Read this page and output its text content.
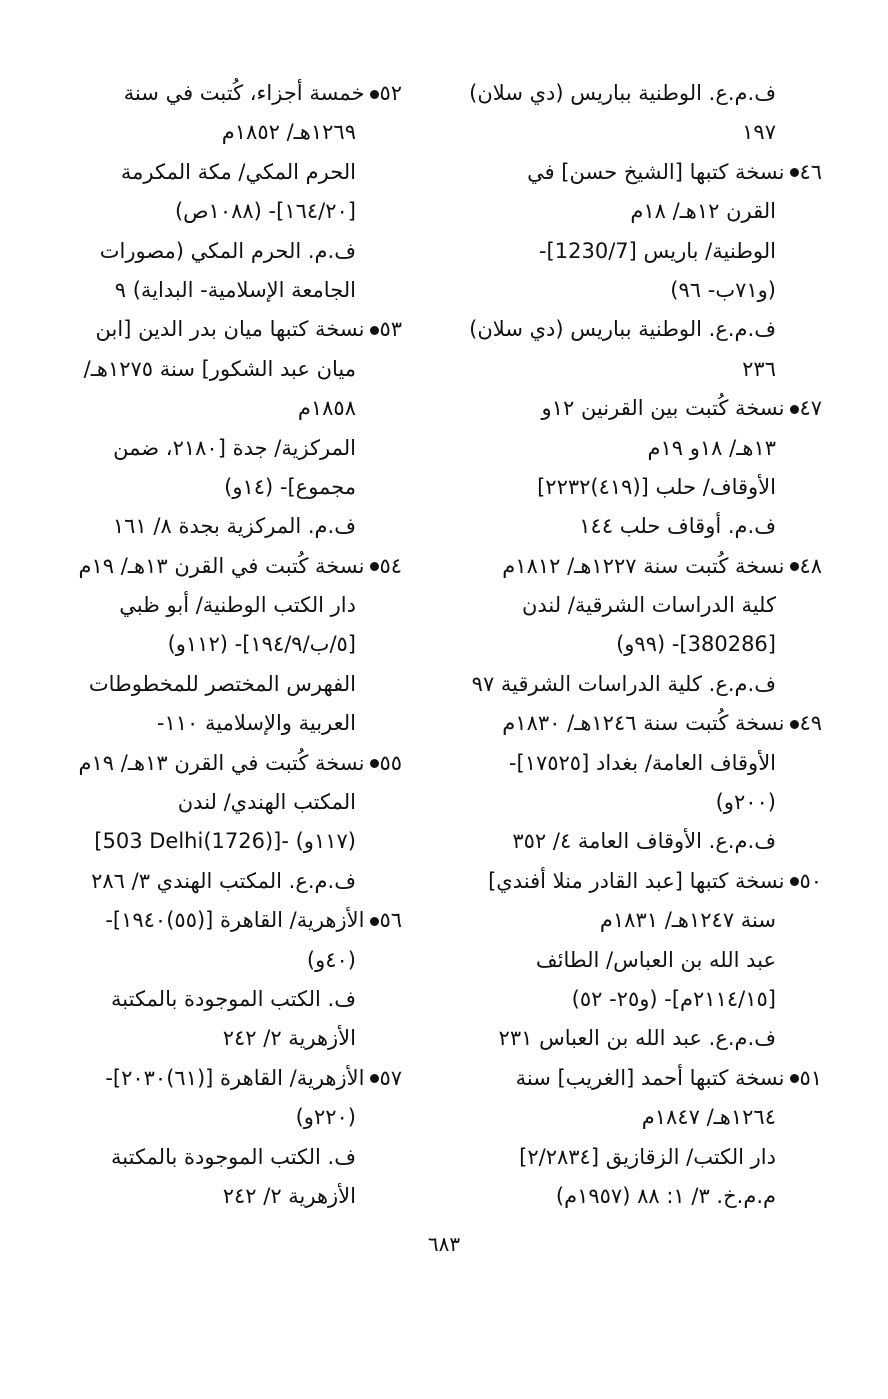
ف.م.ع. الوطنية بباريس (دي سلان)
١٩٧
٤٦نسخة كتبها [الشيخ حسن] في
القرن ١٢هـ/ ١٨م
الوطنية/ باريس [1230/7]-
(و٧١ب- ٩٦)
ف.م.ع. الوطنية بباريس (دي سلان)
٢٣٦
٤٧نسخة كُتبت بين القرنين ١٢و
١٣هـ/ ١٨و ١٩م
الأوقاف/ حلب [(٤١٩)٢٢٣٢]
ف.م. أوقاف حلب ١٤٤
٤٨نسخة كُتبت سنة ١٢٢٧هـ/ ١٨١٢م
كلية الدراسات الشرقية/ لندن
[380286]- (٩٩و)
ف.م.ع. كلية الدراسات الشرقية ٩٧
٤٩نسخة كُتبت سنة ١٢٤٦هـ/ ١٨٣٠م
الأوقاف العامة/ بغداد [١٧٥٢٥]-
(٢٠٠و)
ف.م.ع. الأوقاف العامة ٤/ ٣٥٢
٥٠نسخة كتبها [عبد القادر منلا أفندي]
سنة ١٢٤٧هـ/ ١٨٣١م
عبد الله بن العباس/ الطائف
[٢١١٤/١٥م]- (و٢٥- ٥٢)
ف.م.ع. عبد الله بن العباس ٢٣١
٥١نسخة كتبها أحمد [الغريب] سنة
١٢٦٤هـ/ ١٨٤٧م
دار الكتب/ الزقازيق [٢/٢٨٣٤]
م.م.خ. ٣/ ١: ٨٨ (١٩٥٧م)
٥٢خمسة أجزاء، كُتبت في سنة
١٢٦٩هـ/ ١٨٥٢م
الحرم المكي/ مكة المكرمة
[١٦٤/٢٠]- (١٠٨٨ص)
ف.م. الحرم المكي (مصورات
الجامعة الإسلامية- البداية) ٩
٥٣نسخة كتبها ميان بدر الدين [ابن
ميان عبد الشكور] سنة ١٢٧٥هـ/
١٨٥٨م
المركزية/ جدة [٢١٨٠، ضمن
مجموع]- (١٤و)
ف.م. المركزية بجدة ٨/ ١٦١
٥٤نسخة كُتبت في القرن ١٣هـ/ ١٩م
دار الكتب الوطنية/ أبو ظبي
[٥/ب/١٩٤/٩]- (١١٢و)
الفهرس المختصر للمخطوطات
العربية والإسلامية ١١٠-
٥٥نسخة كُتبت في القرن ١٣هـ/ ١٩م
المكتب الهندي/ لندن
[503 Delhi(1726)]- (١١٧و)
ف.م.ع. المكتب الهندي ٣/ ٢٨٦
٥٦الأزهرية/ القاهرة [(٥٥)١٩٤٠]-
(٤٠و)
ف. الكتب الموجودة بالمكتبة
الأزهرية ٢/ ٢٤٢
٥٧الأزهرية/ القاهرة [(٦١)٢٠٣٠]-
(٢٢٠و)
ف. الكتب الموجودة بالمكتبة
الأزهرية ٢/ ٢٤٢
٦٨٣
